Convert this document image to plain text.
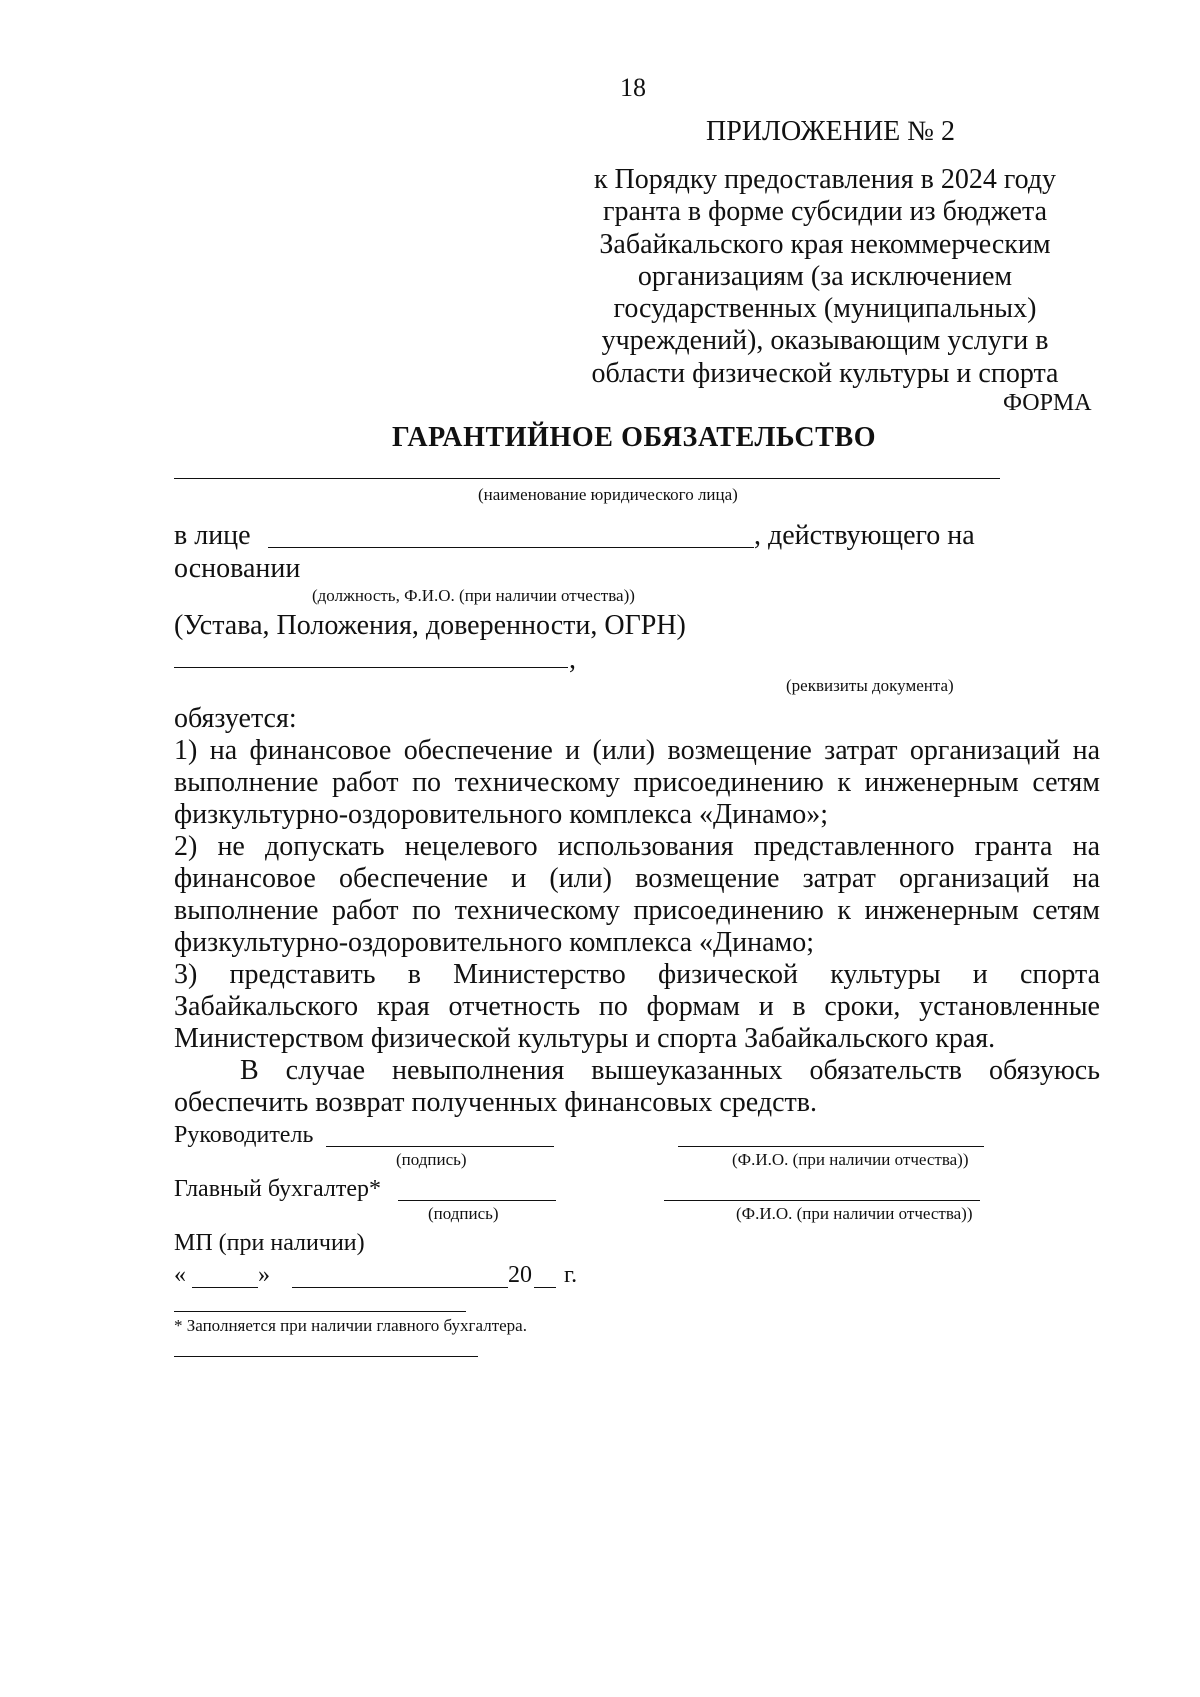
18
ПРИЛОЖЕНИЕ № 2
к Порядку предоставления в 2024 году
гранта в форме субсидии из бюджета
Забайкальского края некоммерческим
организациям (за исключением
государственных (муниципальных)
учреждений), оказывающим услуги в
области физической культуры и спорта
ФОРМА
ГАРАНТИЙНОЕ ОБЯЗАТЕЛЬСТВО
(наименование юридического лица)
в лице	, действующего на
основании
(должность, Ф.И.О. (при наличии отчества))
(Устава, Положения, доверенности, ОГРН)
,
(реквизиты документа)
обязуется:
1) на финансовое обеспечение и (или) возмещение затрат организаций на
выполнение работ по техническому присоединению к инженерным сетям
физкультурно-оздоровительного комплекса «Динамо»;
2) не допускать нецелевого использования представленного гранта на
финансовое обеспечение и (или) возмещение затрат организаций на
выполнение работ по техническому присоединению к инженерным сетям
физкультурно-оздоровительного комплекса «Динамо;
3) представить в Министерство физической культуры и спорта
Забайкальского края отчетность по формам и в сроки, установленные
Министерством физической культуры и спорта Забайкальского края.
В случае невыполнения вышеуказанных обязательств обязуюсь
обеспечить возврат полученных финансовых средств.
Руководитель
(подпись)	(Ф.И.О. (при наличии отчества))
Главный бухгалтер*
(подпись)	(Ф.И.О. (при наличии отчества))
МП (при наличии)
«	»	20 г.
* Заполняется при наличии главного бухгалтера.
